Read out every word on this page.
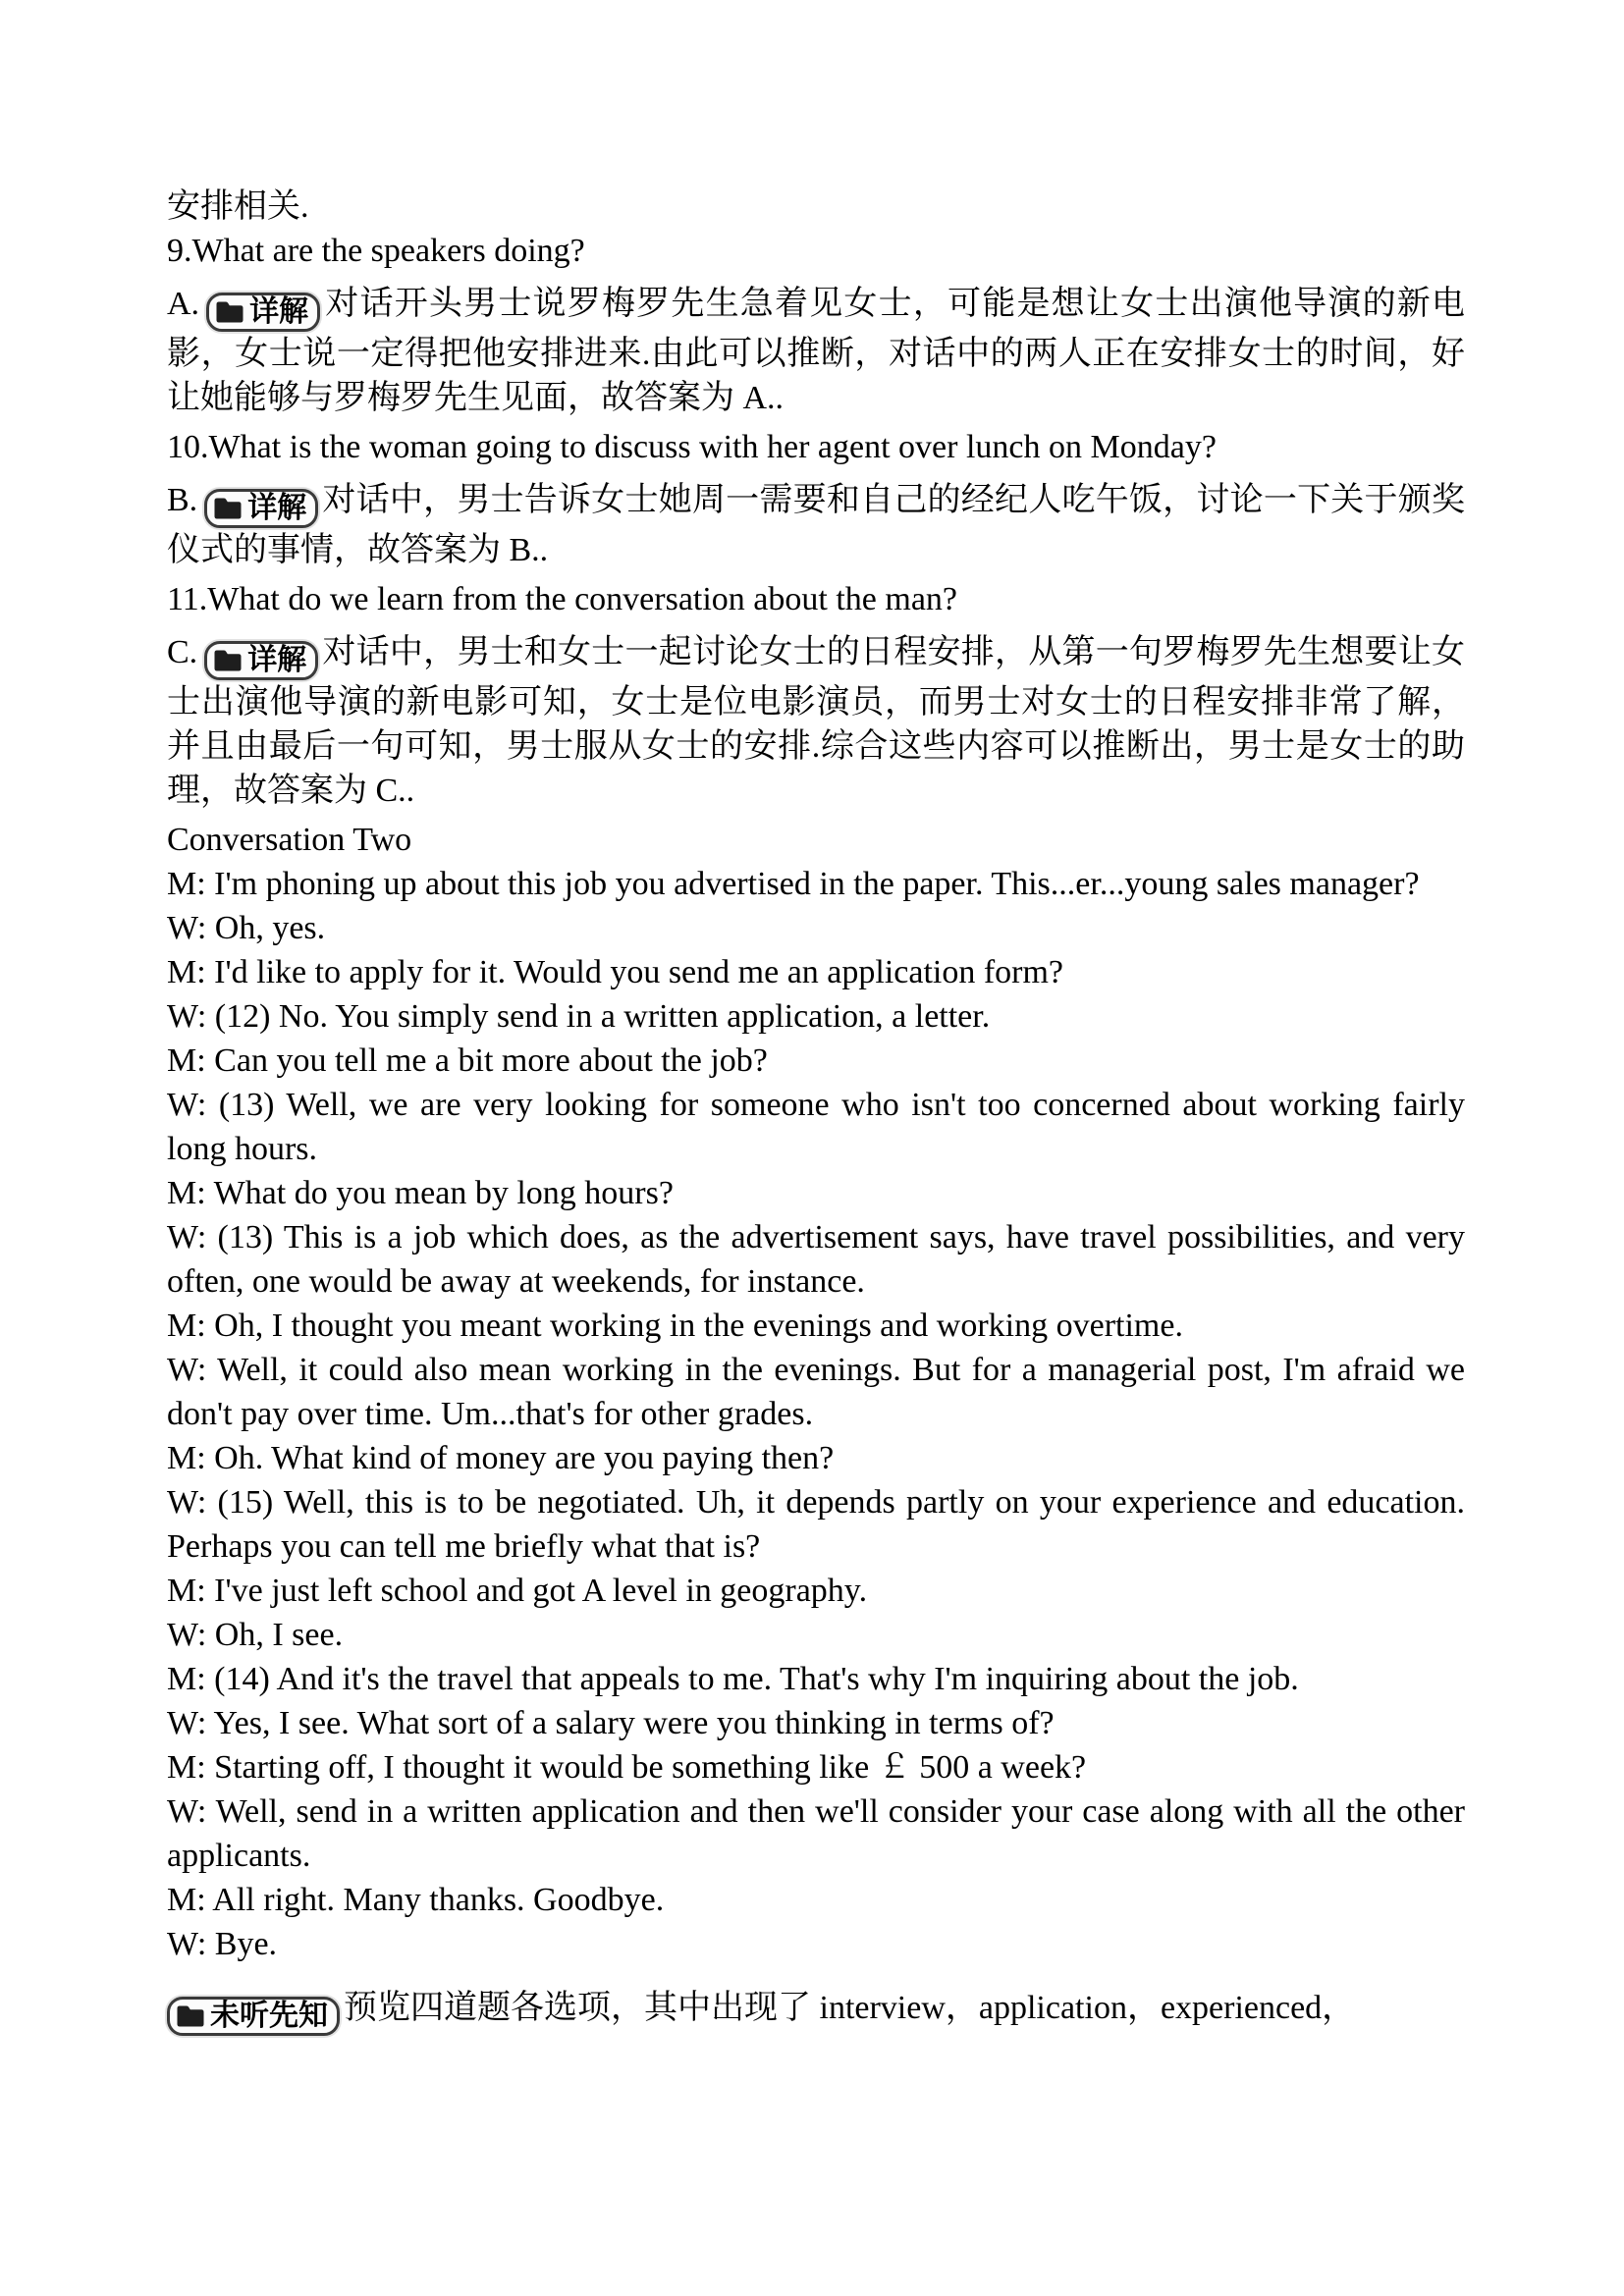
安排相关.

9.What are the speakers doing?

A. 详解 对话开头男士说罗梅罗先生急着见女士，可能是想让女士出演他导演的新电影，女士说一定得把他安排进来.由此可以推断，对话中的两人正在安排女士的时间，好让她能够与罗梅罗先生见面，故答案为 A..

10.What is the woman going to discuss with her agent over lunch on Monday?

B. 详解 对话中，男士告诉女士她周一需要和自己的经纪人吃午饭，讨论一下关于颁奖仪式的事情，故答案为 B..

11.What do we learn from the conversation about the man?

C. 详解 对话中，男士和女士一起讨论女士的日程安排，从第一句罗梅罗先生想要让女士出演他导演的新电影可知，女士是位电影演员，而男士对女士的日程安排非常了解，并且由最后一句可知，男士服从女士的安排.综合这些内容可以推断出，男士是女士的助理，故答案为 C..

Conversation Two

M: I'm phoning up about this job you advertised in the paper. This...er...young sales manager?

W: Oh, yes.

M: I'd like to apply for it. Would you send me an application form?

W: (12) No. You simply send in a written application, a letter.

M: Can you tell me a bit more about the job?

W: (13) Well, we are very looking for someone who isn't too concerned about working fairly long hours.

M: What do you mean by long hours?

W: (13) This is a job which does, as the advertisement says, have travel possibilities, and very often, one would be away at weekends, for instance.

M: Oh, I thought you meant working in the evenings and working overtime.

W: Well, it could also mean working in the evenings. But for a managerial post, I'm afraid we don't pay over time. Um...that's for other grades.

M: Oh. What kind of money are you paying then?

W: (15) Well, this is to be negotiated. Uh, it depends partly on your experience and education. Perhaps you can tell me briefly what that is?

M: I've just left school and got A level in geography.

W: Oh, I see.

M: (14) And it's the travel that appeals to me. That's why I'm inquiring about the job.

W: Yes, I see. What sort of a salary were you thinking in terms of?

M: Starting off, I thought it would be something like ￡ 500 a week?

W: Well, send in a written application and then we'll consider your case along with all the other applicants.

M: All right. Many thanks. Goodbye.

W: Bye.

未听先知 预览四道题各选项，其中出现了 interview，application，experienced，
